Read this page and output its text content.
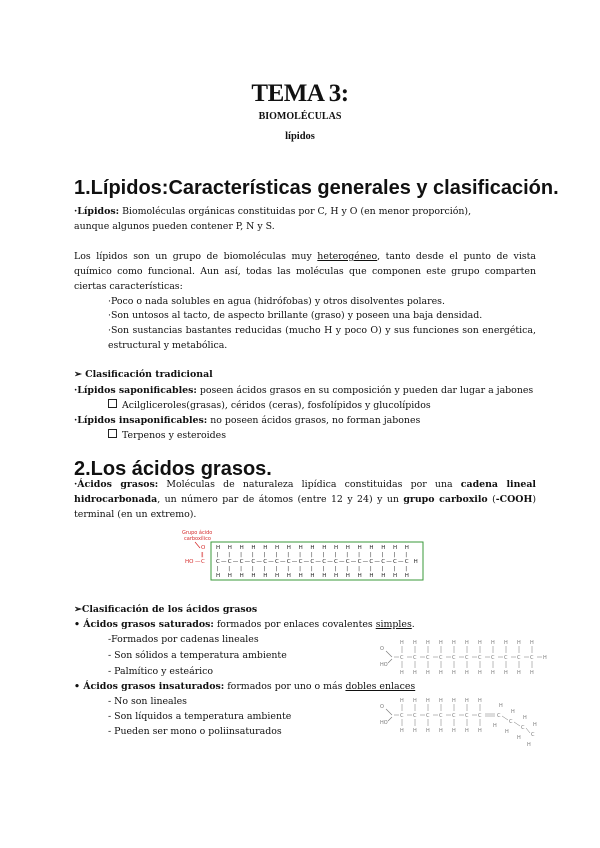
TEMA 3:
BIOMOLÉCULAS
lípidos
1.Lípidos:Características generales y clasificación.
·Lípidos: Biomoléculas orgánicas constituidas por C, H y O (en menor proporción),
aunque algunos pueden contener P, N y S.
Los lípidos son un grupo de biomoléculas muy heterogéneo, tanto desde el punto de vista químico como funcional. Aun así, todas las moléculas que componen este grupo comparten ciertas características:
·Poco o nada solubles en agua (hidrófobas) y otros disolventes polares.
·Son untosos al tacto, de aspecto brillante (graso) y poseen una baja densidad.
·Son sustancias bastantes reducidas (mucho H y poco O) y sus funciones son energética, estructural y metabólica.
➢ Clasificación tradicional
·Lípidos saponificables: poseen ácidos grasos en su composición y pueden dar lugar a jabones
Acilgliceroles(grasas), céridos (ceras), fosfolípidos y glucolípidos
·Lípidos insaponificables: no poseen ácidos grasos, no forman jabones
Terpenos y esteroides
2.Los ácidos grasos.
·Ácidos grasos: Moléculas de naturaleza lipídica constituidas por una cadena lineal hidrocarbonada, un número par de átomos (entre 12 y 24) y un grupo carboxilo (-COOH) terminal (en un extremo).
Grupo ácido
carboxílico
HO — C
O
‖
H
|
C
|
H
—
H
|
C
|
H
—
H
|
C
|
H
—
H
|
C
|
H
—
H
|
C
|
H
—
H
|
C
|
H
—
H
|
C
|
H
—
H
|
C
|
H
—
H
|
C
|
H
—
H
|
C
|
H
—
H
|
C
|
H
—
H
|
C
|
H
—
H
|
C
|
H
—
H
|
C
|
H
—
H
|
C
|
H
—
H
|
C
|
H
—
H
|
C
|
H
H
➢Clasificación de los ácidos grasos
• Ácidos grasos saturados: formados por enlaces covalentes simples.
-Formados por cadenas lineales
- Son sólidos a temperatura ambiente
- Palmítico y esteárico
• Ácidos grasos insaturados: formados por uno o más dobles enlaces
- No son lineales
- Son líquidos a temperatura ambiente
- Pueden ser mono o poliinsaturados
O
HO
H
C
H
H
C
H
H
C
H
H
C
H
H
C
H
H
C
H
H
C
H
H
C
H
H
C
H
H
C
H
H
C
H
H
O
HO
H
C
H
H
C
H
H
C
H
H
C
H
H
C
H
H
C
H
H
C
H
C
H
H
C
H
H
C
H
H C
H
H
